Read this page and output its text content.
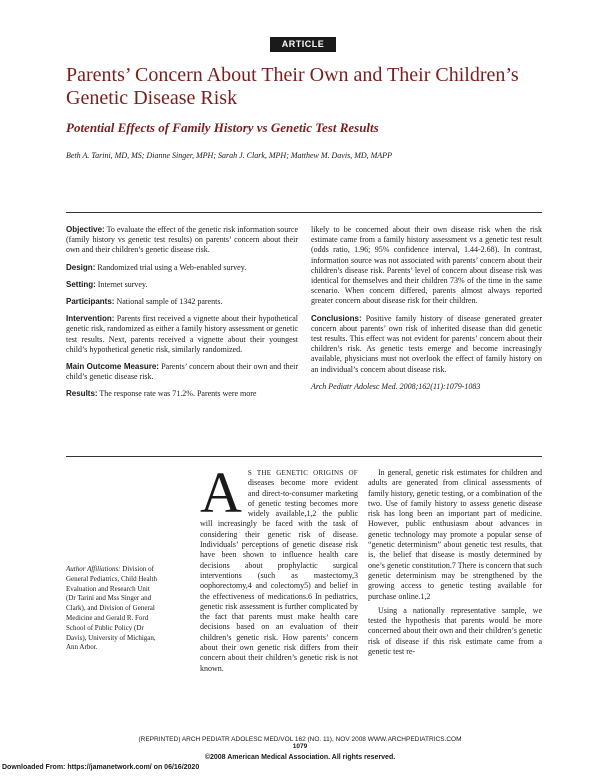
ARTICLE
Parents’ Concern About Their Own and Their Children’s Genetic Disease Risk
Potential Effects of Family History vs Genetic Test Results
Beth A. Tarini, MD, MS; Dianne Singer, MPH; Sarah J. Clark, MPH; Matthew M. Davis, MD, MAPP

Objective: To evaluate the effect of the genetic risk information source (family history vs genetic test results) on parents’ concern about their own and their children’s genetic disease risk.

Design: Randomized trial using a Web-enabled survey.

Setting: Internet survey.

Participants: National sample of 1342 parents.

Intervention: Parents first received a vignette about their hypothetical genetic risk, randomized as either a family history assessment or genetic test results. Next, parents received a vignette about their youngest child’s hypothetical genetic risk, similarly randomized.

Main Outcome Measure: Parents’ concern about their own and their child’s genetic disease risk.

Results: The response rate was 71.2%. Parents were more

likely to be concerned about their own disease risk when the risk estimate came from a family history assessment vs a genetic test result (odds ratio, 1.96; 95% confidence interval, 1.44-2.68). In contrast, information source was not associated with parents’ concern about their children’s disease risk. Parents’ level of concern about disease risk was identical for themselves and their children 73% of the time in the same scenario. When concern differed, parents almost always reported greater concern about disease risk for their children.

Conclusions: Positive family history of disease generated greater concern about parents’ own risk of inherited disease than did genetic test results. This effect was not evident for parents’ concern about their children’s risk. As genetic tests emerge and become increasingly available, physicians must not overlook the effect of family history on an individual’s concern about disease risk.

Arch Pediatr Adolesc Med. 2008;162(11):1079-1083
Author Affiliations: Division of General Pediatrics, Child Health Evaluation and Research Unit (Dr Tarini and Mss Singer and Clark), and Division of General Medicine and Gerald R. Ford School of Public Policy (Dr Davis), University of Michigan, Ann Arbor.
A S THE GENETIC ORIGINS OF diseases become more evident and direct-to-consumer marketing of genetic testing becomes more widely available,1,2 the public will increasingly be faced with the task of considering their genetic risk of disease. Individuals’ perceptions of genetic disease risk have been shown to influence health care decisions about prophylactic surgical interventions (such as mastectomy,3 oophorectomy,4 and colectomy5) and belief in the effectiveness of medications.6 In pediatrics, genetic risk assessment is further complicated by the fact that parents must make health care decisions based on an evaluation of their children’s genetic risk. How parents’ concern about their own genetic risk differs from their concern about their children’s genetic risk is not known.
In general, genetic risk estimates for children and adults are generated from clinical assessments of family history, genetic testing, or a combination of the two. Use of family history to assess genetic disease risk has long been an important part of medicine. However, public enthusiasm about advances in genetic technology may promote a popular sense of “genetic determinism” about genetic test results, that is, the belief that disease is mostly determined by one’s genetic constitution.7 There is concern that such genetic determinism may be strengthened by the growing access to genetic testing available for purchase online.1,2
Using a nationally representative sample, we tested the hypothesis that parents would be more concerned about their own and their children’s genetic risk of disease if this risk estimate came from a genetic test re-
(REPRINTED) ARCH PEDIATR ADOLESC MED/VOL 162 (NO. 11), NOV 2008 WWW.ARCHPEDIATRICS.COM
1079
©2008 American Medical Association. All rights reserved.
Downloaded From: https://jamanetwork.com/ on 06/16/2020
